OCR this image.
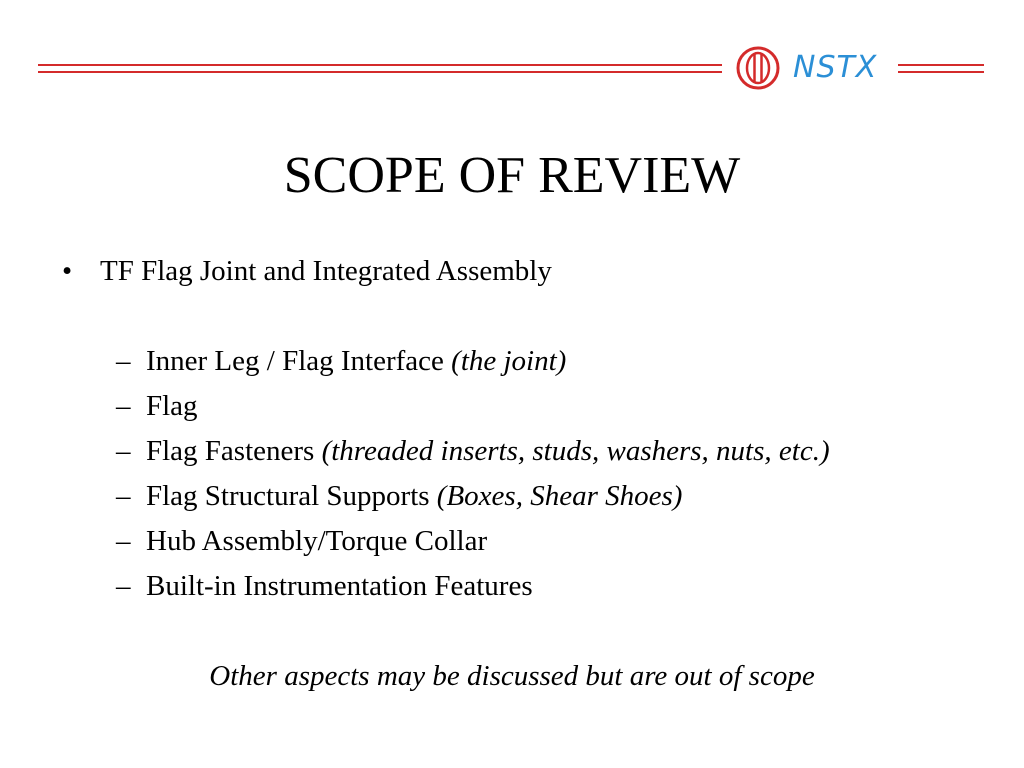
NSTX
SCOPE OF REVIEW
• TF Flag Joint and Integrated Assembly
– Inner Leg / Flag Interface (the joint)
– Flag
– Flag Fasteners (threaded inserts, studs, washers, nuts, etc.)
– Flag Structural Supports (Boxes, Shear Shoes)
– Hub Assembly/Torque Collar
– Built-in Instrumentation Features
Other aspects may be discussed but are out of scope
